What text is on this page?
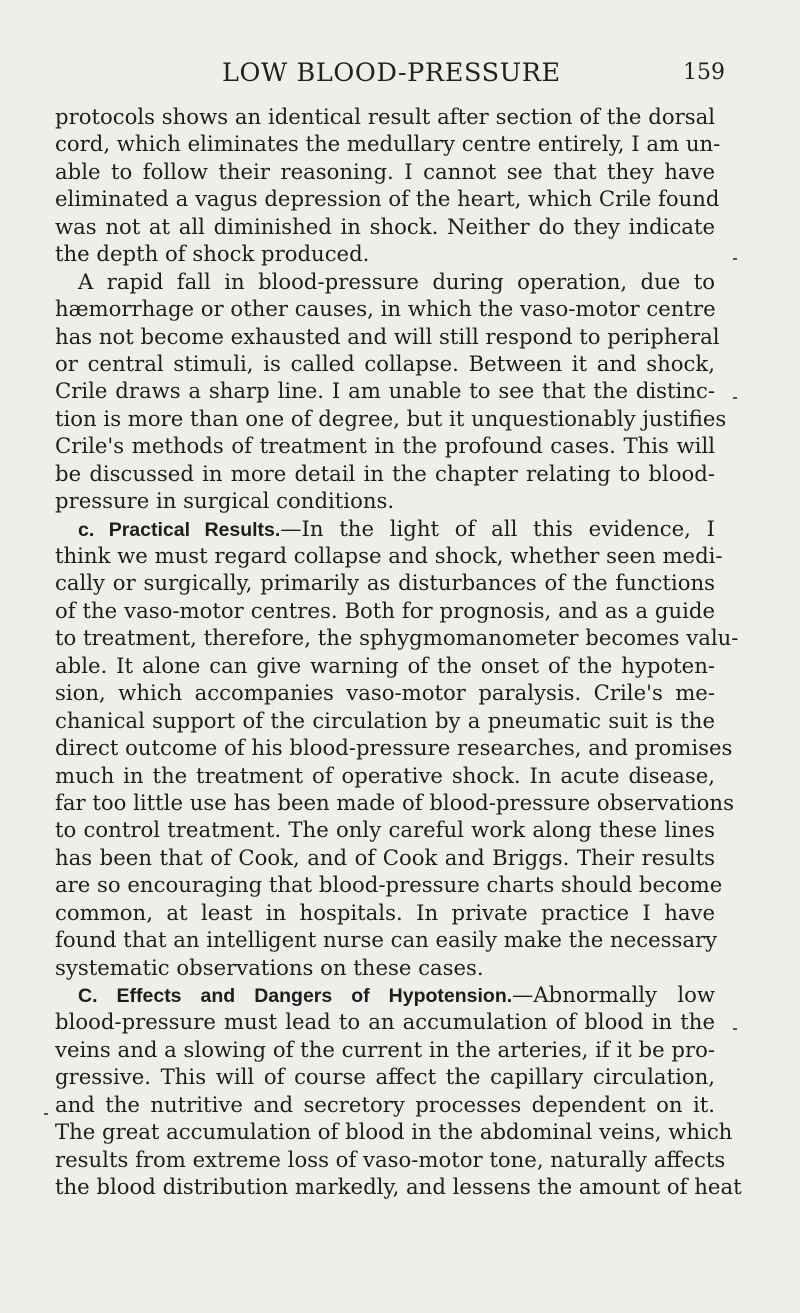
LOW BLOOD-PRESSURE	159
protocols shows an identical result after section of the dorsal
cord, which eliminates the medullary centre entirely, I am un-
able to follow their reasoning. I cannot see that they have
eliminated a vagus depression of the heart, which Crile found
was not at all diminished in shock. Neither do they indicate
the depth of shock produced.
A rapid fall in blood-pressure during operation, due to
hæmorrhage or other causes, in which the vaso-motor centre
has not become exhausted and will still respond to peripheral
or central stimuli, is called collapse. Between it and shock,
Crile draws a sharp line. I am unable to see that the distinc-
tion is more than one of degree, but it unquestionably justifies
Crile's methods of treatment in the profound cases. This will
be discussed in more detail in the chapter relating to blood-
pressure in surgical conditions.
c. Practical Results.—In the light of all this evidence, I
think we must regard collapse and shock, whether seen medi-
cally or surgically, primarily as disturbances of the functions
of the vaso-motor centres. Both for prognosis, and as a guide
to treatment, therefore, the sphygmomanometer becomes valu-
able. It alone can give warning of the onset of the hypoten-
sion, which accompanies vaso-motor paralysis. Crile's me-
chanical support of the circulation by a pneumatic suit is the
direct outcome of his blood-pressure researches, and promises
much in the treatment of operative shock. In acute disease,
far too little use has been made of blood-pressure observations
to control treatment. The only careful work along these lines
has been that of Cook, and of Cook and Briggs. Their results
are so encouraging that blood-pressure charts should become
common, at least in hospitals. In private practice I have
found that an intelligent nurse can easily make the necessary
systematic observations on these cases.
C. Effects and Dangers of Hypotension.—Abnormally low
blood-pressure must lead to an accumulation of blood in the
veins and a slowing of the current in the arteries, if it be pro-
gressive. This will of course affect the capillary circulation,
and the nutritive and secretory processes dependent on it.
The great accumulation of blood in the abdominal veins, which
results from extreme loss of vaso-motor tone, naturally affects
the blood distribution markedly, and lessens the amount of heat
